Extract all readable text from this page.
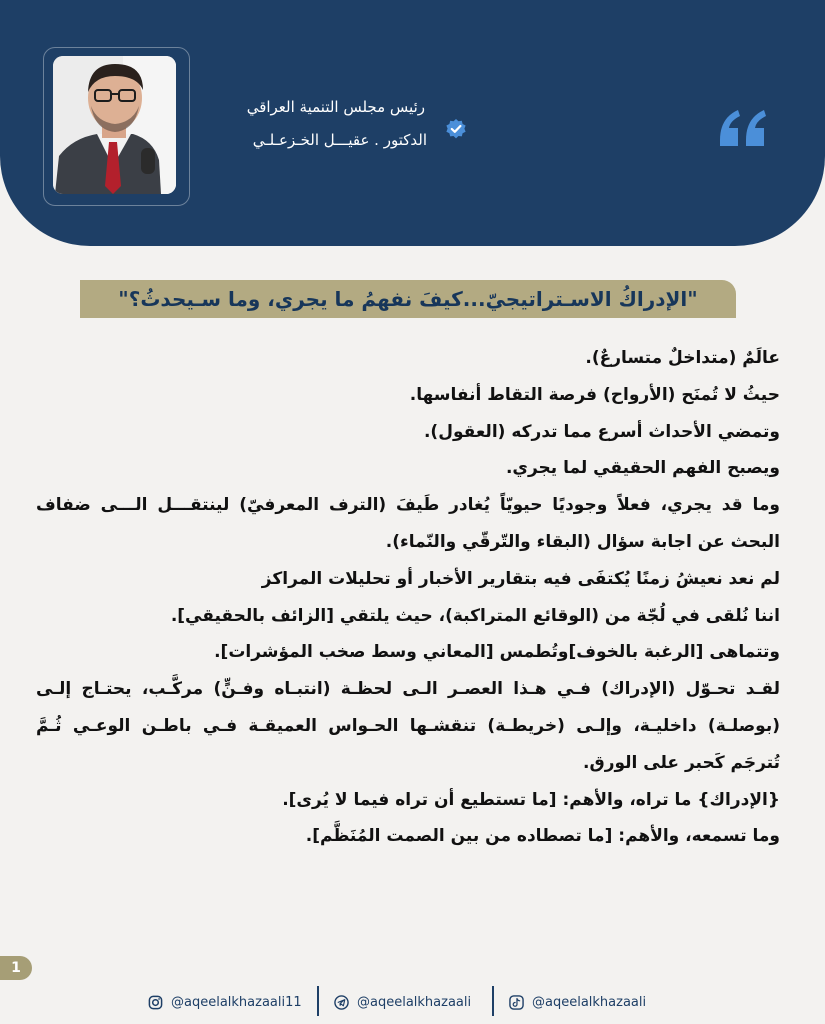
رئيس مجلس التنمية العراقي
الدكتور . عقيـــل الخـزعـلـي
"الإدراكُ الاسـتراتيجيّ...كيفَ نفهمُ ما يجري، وما سـيحدثُ؟"
عالَمٌ (متداخلٌ متسارعٌ).
حيثُ لا تُمنَح (الأرواح) فرصة التقاط أنفاسها.
وتمضي الأحداث أسرع مما تدركه (العقول).
ويصبح الفهم الحقيقي لما يجري.
وما قد يجري، فعلاً وجوديًا حيويّاً يُغادر طَيفَ (الترف المعرفيّ) لينتقـــل الـــى ضفاف
البحث عن اجابة سؤال (البقاء والتّرقّي والنّماء).
لم نعد نعيشُ زمنًا يُكتفَى فيه بتقارير الأخبار أو تحليلات المراكز
اننا نُلقى في لُجّة من (الوقائع المتراكبة)، حيث يلتقي [الزائف بالحقيقي].
وتتماهى [الرغبة بالخوف]وتُطمس [المعاني وسط صخب المؤشرات].
لقـد تحـوّل (الإدراك) فـي هـذا العصـر الـى لحظـة (انتبـاه وفـنٍّ) مركَّـب، يحتـاج إلـى
(بوصلـة) داخليـة، وإلـى (خريطـة) تنقشـها الحـواس العميقـة فـي باطـن الوعـي ثُـمَّ
تُترجَم كَحبر على الورق.
{الإدراك} ما تراه، والأهم: [ما تستطيع أن تراه فيما لا يُرى].
وما تسمعه، والأهم: [ما تصطاده من بين الصمت المُنَظَّم].
1
@aqeelalkhazaali11	@aqeelalkhazaali	@aqeelalkhazaali
